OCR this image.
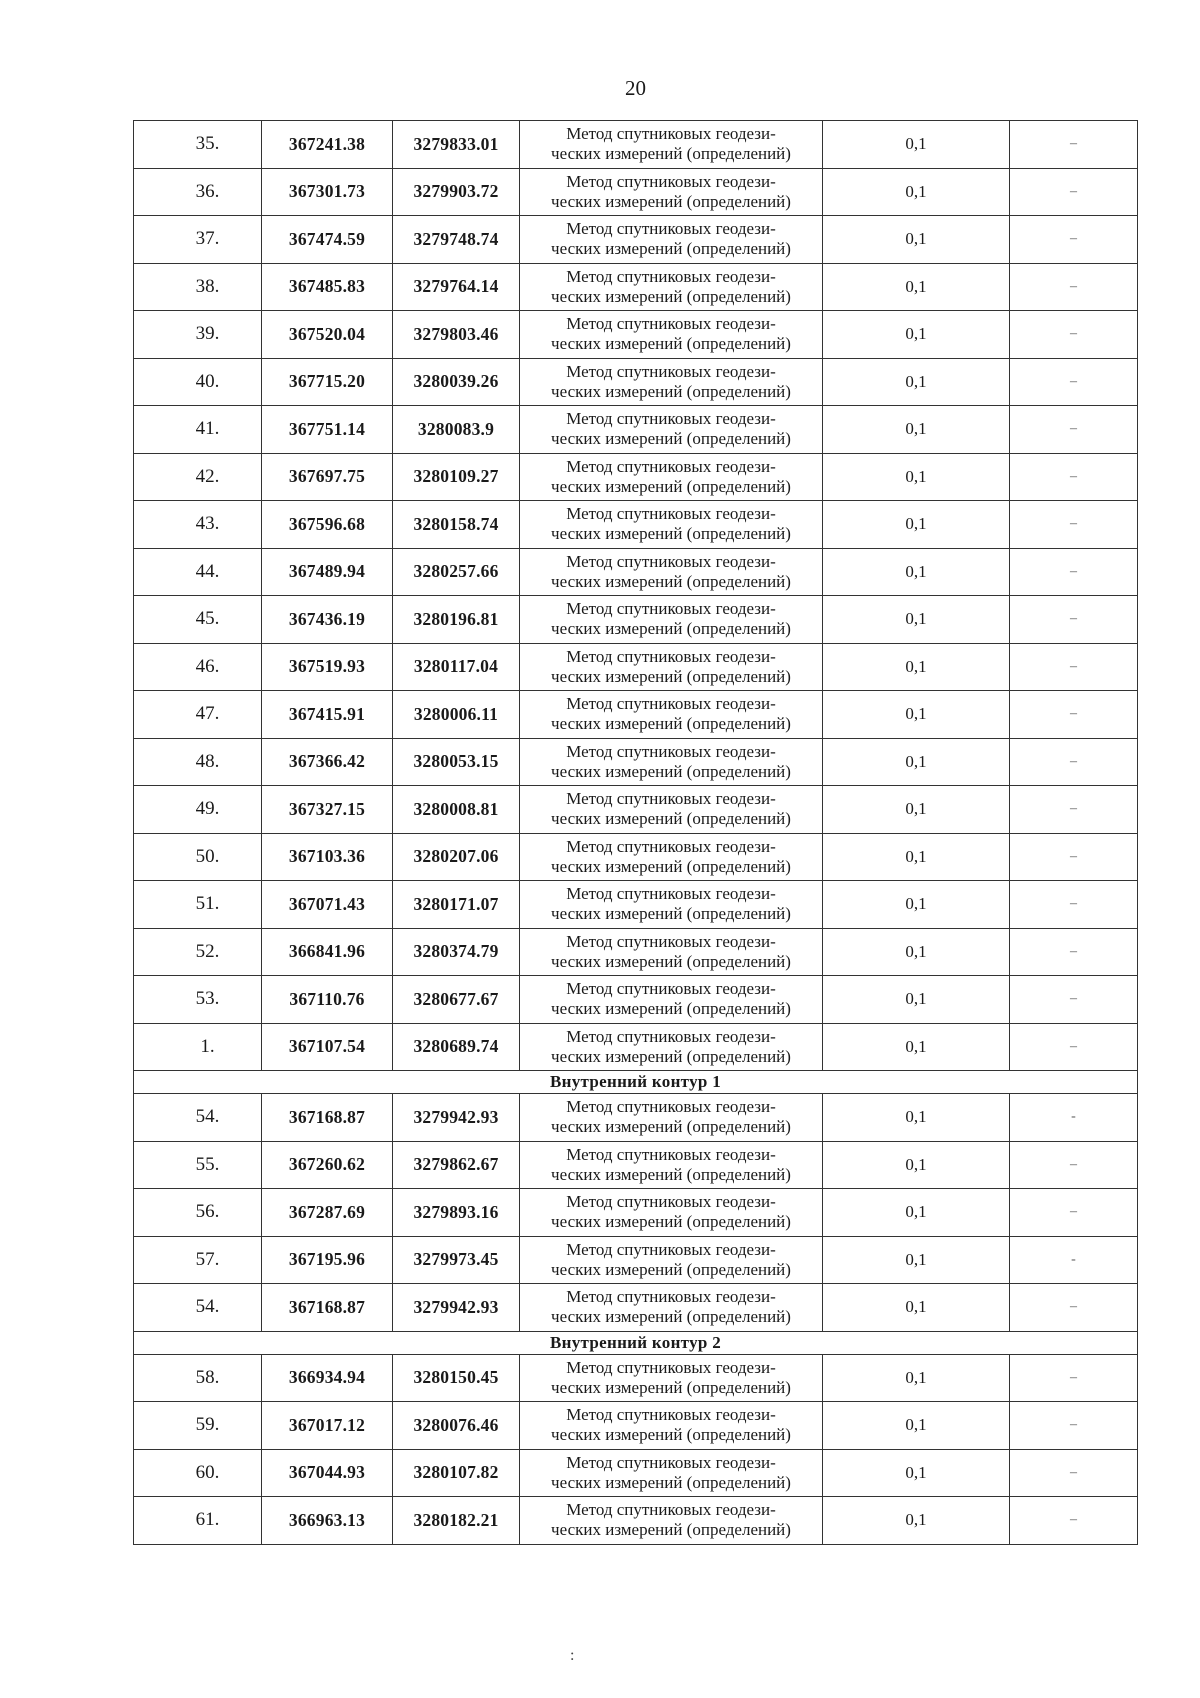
20
35.	367241.38	3279833.01	Метод спутниковых геодези-
ческих измерений (определений)	0,1	–
36.	367301.73	3279903.72	Метод спутниковых геодези-
ческих измерений (определений)	0,1	–
37.	367474.59	3279748.74	Метод спутниковых геодези-
ческих измерений (определений)	0,1	–
38.	367485.83	3279764.14	Метод спутниковых геодези-
ческих измерений (определений)	0,1	–
39.	367520.04	3279803.46	Метод спутниковых геодези-
ческих измерений (определений)	0,1	–
40.	367715.20	3280039.26	Метод спутниковых геодези-
ческих измерений (определений)	0,1	–
41.	367751.14	3280083.9	Метод спутниковых геодези-
ческих измерений (определений)	0,1	–
42.	367697.75	3280109.27	Метод спутниковых геодези-
ческих измерений (определений)	0,1	–
43.	367596.68	3280158.74	Метод спутниковых геодези-
ческих измерений (определений)	0,1	–
44.	367489.94	3280257.66	Метод спутниковых геодези-
ческих измерений (определений)	0,1	–
45.	367436.19	3280196.81	Метод спутниковых геодези-
ческих измерений (определений)	0,1	–
46.	367519.93	3280117.04	Метод спутниковых геодези-
ческих измерений (определений)	0,1	–
47.	367415.91	3280006.11	Метод спутниковых геодези-
ческих измерений (определений)	0,1	–
48.	367366.42	3280053.15	Метод спутниковых геодези-
ческих измерений (определений)	0,1	–
49.	367327.15	3280008.81	Метод спутниковых геодези-
ческих измерений (определений)	0,1	–
50.	367103.36	3280207.06	Метод спутниковых геодези-
ческих измерений (определений)	0,1	–
51.	367071.43	3280171.07	Метод спутниковых геодези-
ческих измерений (определений)	0,1	–
52.	366841.96	3280374.79	Метод спутниковых геодези-
ческих измерений (определений)	0,1	–
53.	367110.76	3280677.67	Метод спутниковых геодези-
ческих измерений (определений)	0,1	–
1.	367107.54	3280689.74	Метод спутниковых геодези-
ческих измерений (определений)	0,1	–
Внутренний контур 1					
54.	367168.87	3279942.93	Метод спутниковых геодези-
ческих измерений (определений)	0,1	-
55.	367260.62	3279862.67	Метод спутниковых геодези-
ческих измерений (определений)	0,1	–
56.	367287.69	3279893.16	Метод спутниковых геодези-
ческих измерений (определений)	0,1	–
57.	367195.96	3279973.45	Метод спутниковых геодези-
ческих измерений (определений)	0,1	-
54.	367168.87	3279942.93	Метод спутниковых геодези-
ческих измерений (определений)	0,1	–
Внутренний контур 2					
58.	366934.94	3280150.45	Метод спутниковых геодези-
ческих измерений (определений)	0,1	–
59.	367017.12	3280076.46	Метод спутниковых геодези-
ческих измерений (определений)	0,1	–
60.	367044.93	3280107.82	Метод спутниковых геодези-
ческих измерений (определений)	0,1	–
61.	366963.13	3280182.21	Метод спутниковых геодези-
ческих измерений (определений)	0,1	–
:
